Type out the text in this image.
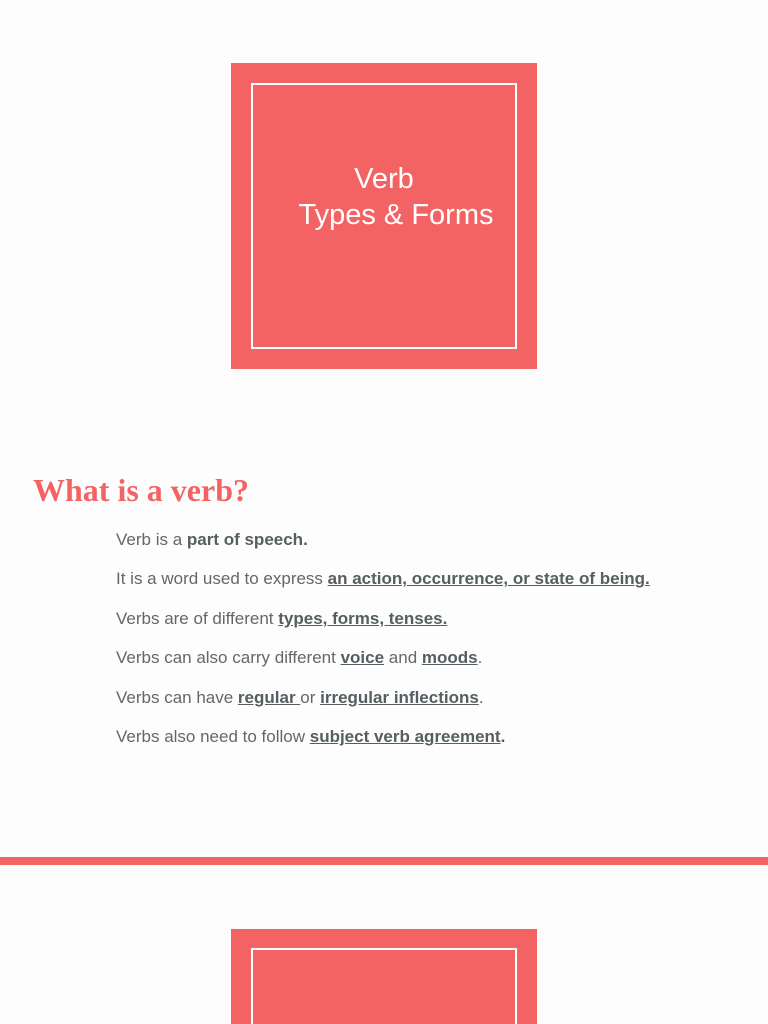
Verb
Types & Forms
What is a verb?
Verb is a part of speech.
It is a word used to express an action, occurrence, or state of being.
Verbs are of different types, forms, tenses.
Verbs can also carry different voice and moods.
Verbs can have regular or irregular inflections.
Verbs also need to follow subject verb agreement.
